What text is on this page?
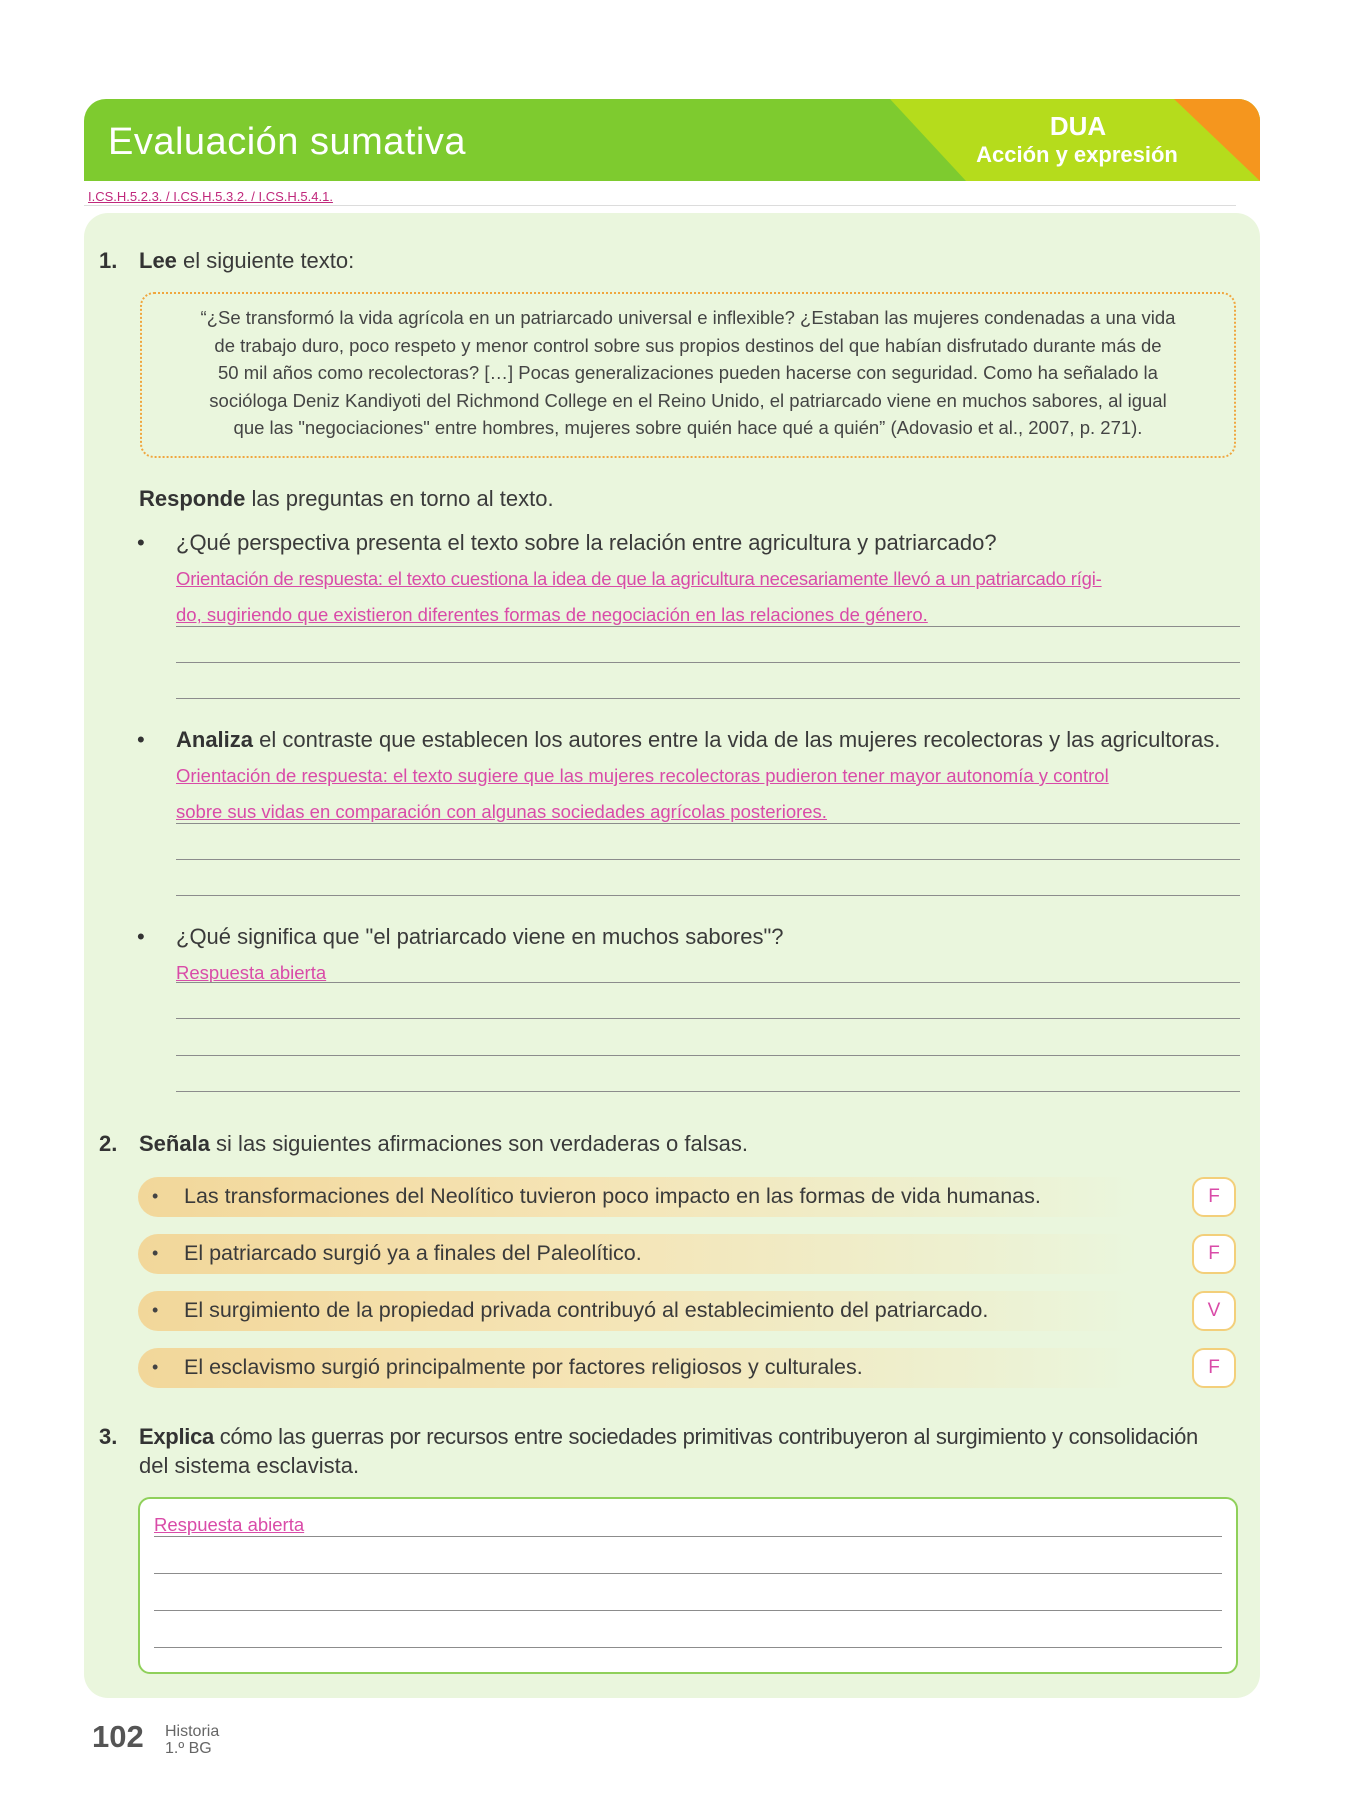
Evaluación sumativa	DUA
Acción y expresión
I.CS.H.5.2.3. / I.CS.H.5.3.2. / I.CS.H.5.4.1.
1. Lee el siguiente texto:
“¿Se transformó la vida agrícola en un patriarcado universal e inflexible? ¿Estaban las mujeres condenadas a una vida
de trabajo duro, poco respeto y menor control sobre sus propios destinos del que habían disfrutado durante más de
50 mil años como recolectoras? […] Pocas generalizaciones pueden hacerse con seguridad. Como ha señalado la
socióloga Deniz Kandiyoti del Richmond College en el Reino Unido, el patriarcado viene en muchos sabores, al igual
que las "negociaciones" entre hombres, mujeres sobre quién hace qué a quién” (Adovasio et al., 2007, p. 271).
Responde las preguntas en torno al texto.
• ¿Qué perspectiva presenta el texto sobre la relación entre agricultura y patriarcado?
Orientación de respuesta: el texto cuestiona la idea de que la agricultura necesariamente llevó a un patriarcado rígi-
do, sugiriendo que existieron diferentes formas de negociación en las relaciones de género.
• Analiza el contraste que establecen los autores entre la vida de las mujeres recolectoras y las agricultoras.
Orientación de respuesta: el texto sugiere que las mujeres recolectoras pudieron tener mayor autonomía y control
sobre sus vidas en comparación con algunas sociedades agrícolas posteriores.
• ¿Qué significa que "el patriarcado viene en muchos sabores"?
Respuesta abierta
2. Señala si las siguientes afirmaciones son verdaderas o falsas.
• Las transformaciones del Neolítico tuvieron poco impacto en las formas de vida humanas.	F
• El patriarcado surgió ya a finales del Paleolítico.	F
• El surgimiento de la propiedad privada contribuyó al establecimiento del patriarcado.	V
• El esclavismo surgió principalmente por factores religiosos y culturales.	F
3. Explica cómo las guerras por recursos entre sociedades primitivas contribuyeron al surgimiento y consolidación
del sistema esclavista.
Respuesta abierta
102 Historia
1.º BG
